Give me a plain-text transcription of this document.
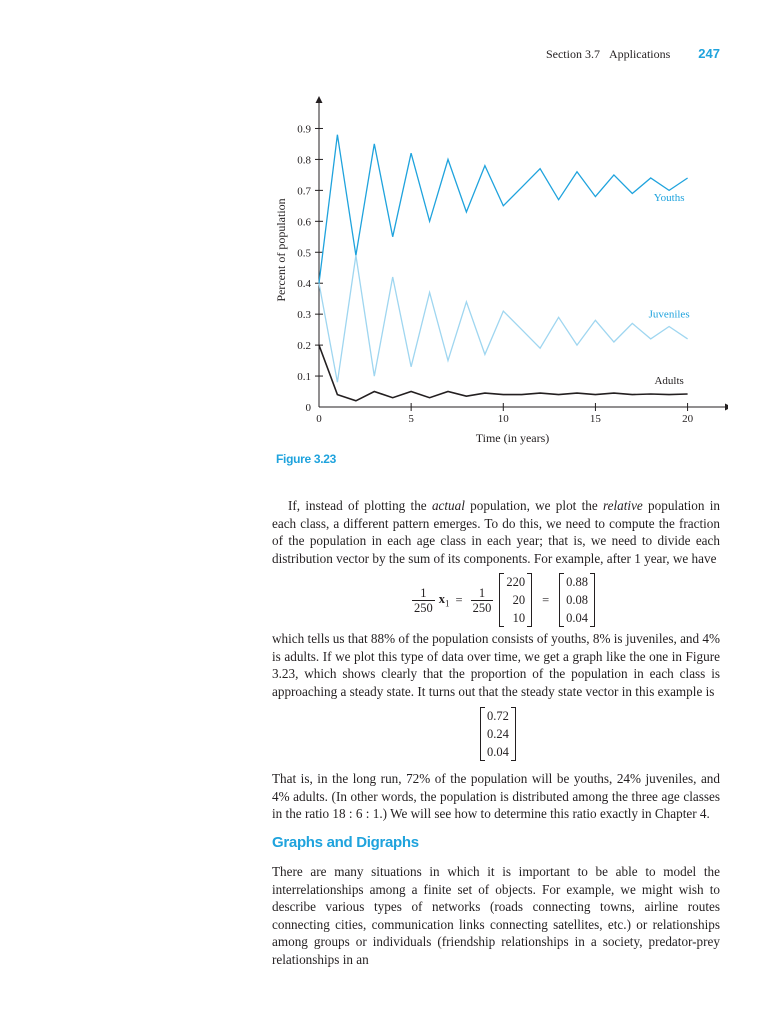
Section 3.7 Applications 247
0
0.1
0.2
0.3
0.4
0.5
0.6
0.7
0.8
0.9
0	5	10	15	20
Time (in years)
Percent of population
Youths
Juveniles
Adults
Figure 3.23

If, instead of plotting the actual population, we plot the relative population in each class, a different pattern emerges. To do this, we need to compute the fraction of the population in each age class in each year; that is, we need to divide each distribution vector by the sum of its components. For example, after 1 year, we have

$\frac{1}{250} x_1 = \frac{1}{250}$
220
20
10
=
0.88
0.08
0.04

which tells us that 88% of the population consists of youths, 8% is juveniles, and 4% is adults. If we plot this type of data over time, we get a graph like the one in Figure 3.23, which shows clearly that the proportion of the population in each class is approaching a steady state. It turns out that the steady state vector in this example is

0.72
0.24
0.04

That is, in the long run, 72% of the population will be youths, 24% juveniles, and 4% adults. (In other words, the population is distributed among the three age classes in the ratio 18 : 6 : 1.) We will see how to determine this ratio exactly in Chapter 4.

Graphs and Digraphs

There are many situations in which it is important to be able to model the interrelationships among a finite set of objects. For example, we might wish to describe various types of networks (roads connecting towns, airline routes connecting cities, communication links connecting satellites, etc.) or relationships among groups or individuals (friendship relationships in a society, predator-prey relationships in an
